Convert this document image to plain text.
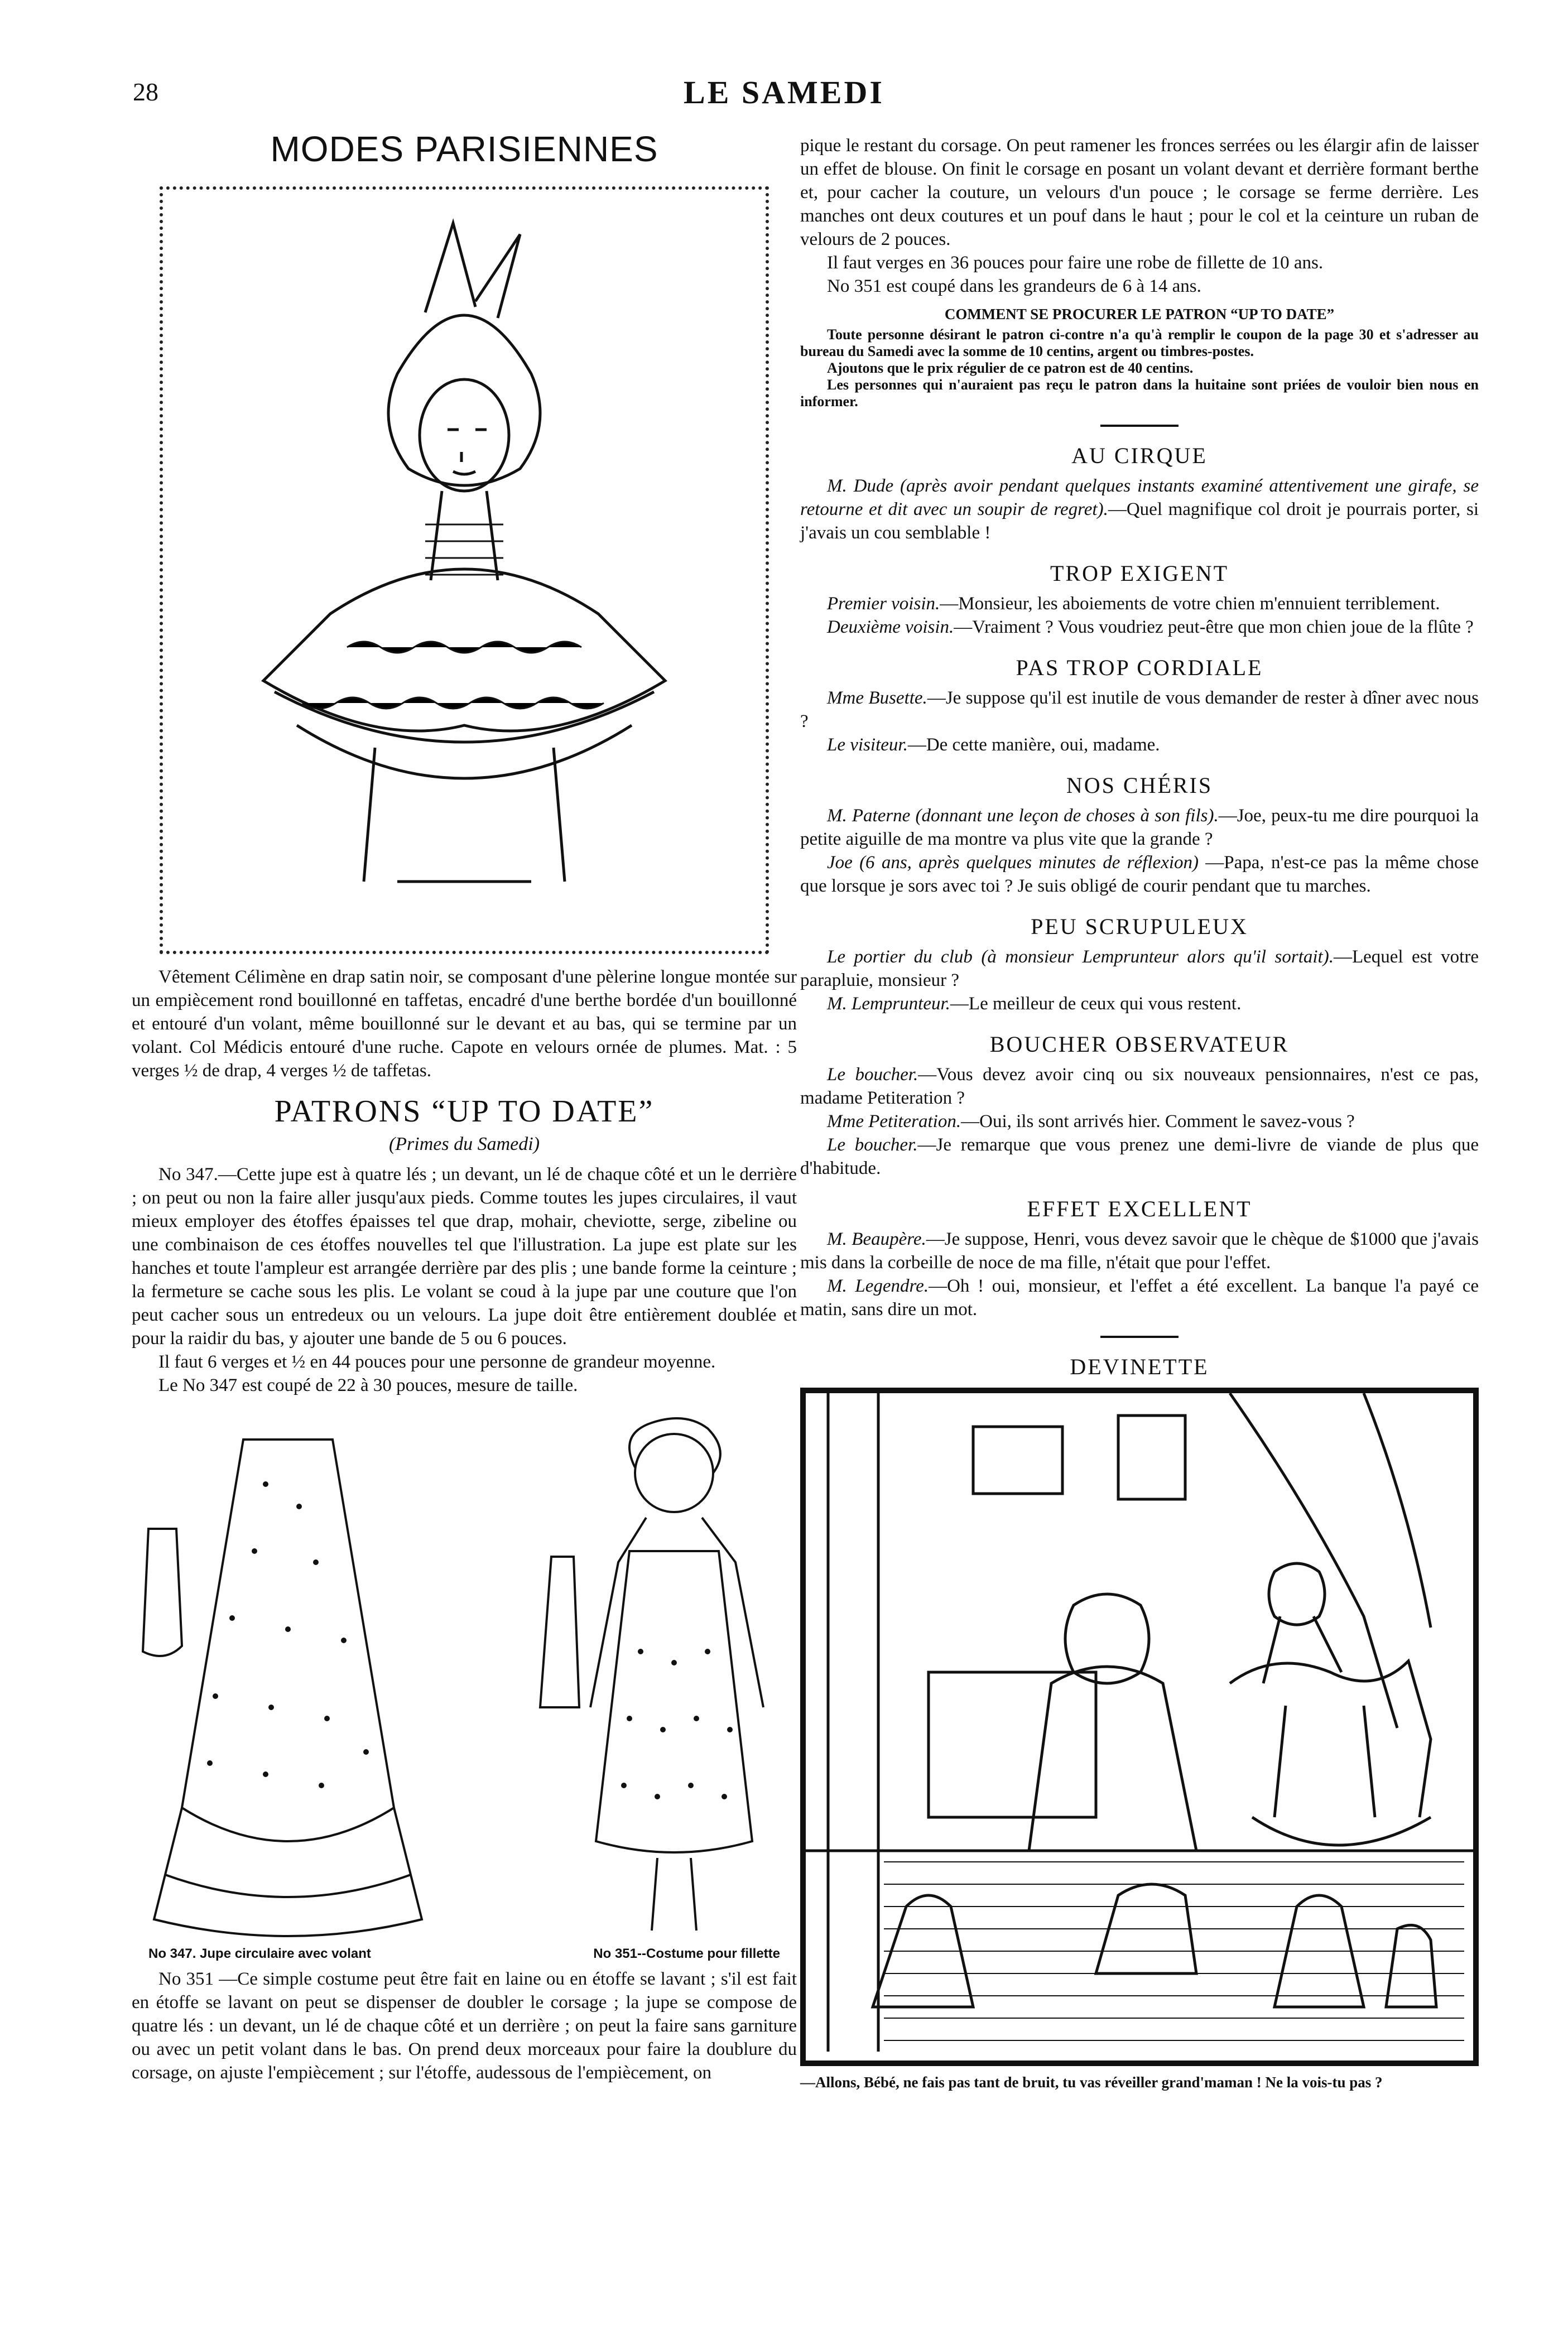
28	LE SAMEDI
MODES PARISIENNES

Vêtement Célimène en drap satin noir, se composant d'une pèlerine longue montée sur un empiècement rond bouillonné en taffetas, encadré d'une berthe bordée d'un bouillonné et entouré d'un volant, même bouillonné sur le devant et au bas, qui se termine par un volant. Col Médicis entouré d'une ruche. Capote en velours ornée de plumes. Mat. : 5 verges ½ de drap, 4 verges ½ de taffetas.

PATRONS “UP TO DATE”
(Primes du Samedi)

No 347.—Cette jupe est à quatre lés ; un devant, un lé de chaque côté et un le derrière ; on peut ou non la faire aller jusqu'aux pieds. Comme toutes les jupes circulaires, il vaut mieux employer des étoffes épaisses tel que drap, mohair, cheviotte, serge, zibeline ou une combinaison de ces étoffes nouvelles tel que l'illustration. La jupe est plate sur les hanches et toute l'ampleur est arrangée derrière par des plis ; une bande forme la ceinture ; la fermeture se cache sous les plis. Le volant se coud à la jupe par une couture que l'on peut cacher sous un entredeux ou un velours. La jupe doit être entièrement doublée et pour la raidir du bas, y ajouter une bande de 5 ou 6 pouces.

Il faut 6 verges et ½ en 44 pouces pour une personne de grandeur moyenne.

Le No 347 est coupé de 22 à 30 pouces, mesure de taille.

No 347. Jupe circulaire avec volant	No 351--Costume pour fillette

No 351 —Ce simple costume peut être fait en laine ou en étoffe se lavant ; s'il est fait en étoffe se lavant on peut se dispenser de doubler le corsage ; la jupe se compose de quatre lés : un devant, un lé de chaque côté et un derrière ; on peut la faire sans garniture ou avec un petit volant dans le bas. On prend deux morceaux pour faire la doublure du corsage, on ajuste l'empiècement ; sur l'étoffe, audessous de l'empiècement, on

pique le restant du corsage. On peut ramener les fronces serrées ou les élargir afin de laisser un effet de blouse. On finit le corsage en posant un volant devant et derrière formant berthe et, pour cacher la couture, un velours d'un pouce ; le corsage se ferme derrière. Les manches ont deux coutures et un pouf dans le haut ; pour le col et la ceinture un ruban de velours de 2 pouces.

Il faut verges en 36 pouces pour faire une robe de fillette de 10 ans.

No 351 est coupé dans les grandeurs de 6 à 14 ans.

COMMENT SE PROCURER LE PATRON “UP TO DATE”

Toute personne désirant le patron ci-contre n'a qu'à remplir le coupon de la page 30 et s'adresser au bureau du Samedi avec la somme de 10 centins, argent ou timbres-postes.

Ajoutons que le prix régulier de ce patron est de 40 centins.

Les personnes qui n'auraient pas reçu le patron dans la huitaine sont priées de vouloir bien nous en informer.

AU CIRQUE

M. Dude (après avoir pendant quelques instants examiné attentivement une girafe, se retourne et dit avec un soupir de regret).—Quel magnifique col droit je pourrais porter, si j'avais un cou semblable !

TROP EXIGENT

Premier voisin.—Monsieur, les aboiements de votre chien m'ennuient terriblement.

Deuxième voisin.—Vraiment ? Vous voudriez peut-être que mon chien joue de la flûte ?

PAS TROP CORDIALE

Mme Busette.—Je suppose qu'il est inutile de vous demander de rester à dîner avec nous ?

Le visiteur.—De cette manière, oui, madame.

NOS CHÉRIS

M. Paterne (donnant une leçon de choses à son fils).—Joe, peux-tu me dire pourquoi la petite aiguille de ma montre va plus vite que la grande ?

Joe (6 ans, après quelques minutes de réflexion) —Papa, n'est-ce pas la même chose que lorsque je sors avec toi ? Je suis obligé de courir pendant que tu marches.

PEU SCRUPULEUX

Le portier du club (à monsieur Lemprunteur alors qu'il sortait).—Lequel est votre parapluie, monsieur ?

M. Lemprunteur.—Le meilleur de ceux qui vous restent.

BOUCHER OBSERVATEUR

Le boucher.—Vous devez avoir cinq ou six nouveaux pensionnaires, n'est ce pas, madame Petiteration ?

Mme Petiteration.—Oui, ils sont arrivés hier. Comment le savez-vous ?

Le boucher.—Je remarque que vous prenez une demi-livre de viande de plus que d'habitude.

EFFET EXCELLENT

M. Beaupère.—Je suppose, Henri, vous devez savoir que le chèque de $1000 que j'avais mis dans la corbeille de noce de ma fille, n'était que pour l'effet.

M. Legendre.—Oh ! oui, monsieur, et l'effet a été excellent. La banque l'a payé ce matin, sans dire un mot.

DEVINETTE
—Allons, Bébé, ne fais pas tant de bruit, tu vas réveiller grand'maman ! Ne la vois-tu pas ?
